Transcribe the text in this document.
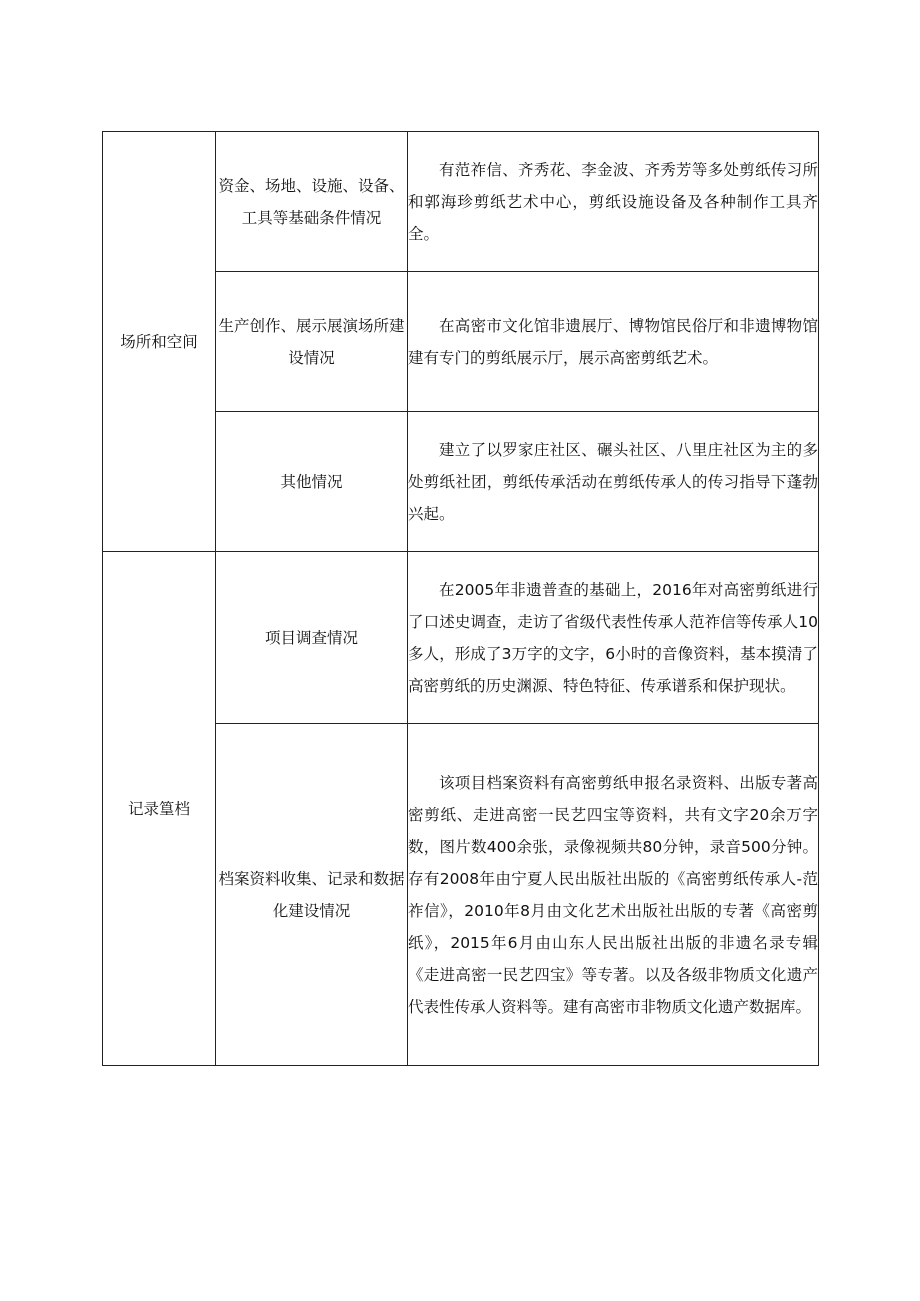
场所和空间	资金、场地、设施、设备、工具等基础条件情况	有范祚信、齐秀花、李金波、齐秀芳等多处剪纸传习所和郭海珍剪纸艺术中心，剪纸设施设备及各种制作工具齐全。

	生产创作、展示展演场所建设情况	在高密市文化馆非遗展厅、博物馆民俗厅和非遗博物馆建有专门的剪纸展示厅，展示高密剪纸艺术。

	其他情况	建立了以罗家庄社区、碾头社区、八里庄社区为主的多处剪纸社团，剪纸传承活动在剪纸传承人的传习指导下蓬勃兴起。

记录篁档	项目调查情况	在2005年非遗普查的基础上，2016年对高密剪纸进行了口述史调查，走访了省级代表性传承人范祚信等传承人10多人，形成了3万字的文字，6小时的音像资料，基本摸清了高密剪纸的历史渊源、特色特征、传承谱系和保护现状。

	档案资料收集、记录和数据化建设情况	该项目档案资料有高密剪纸申报名录资料、出版专著高密剪纸、走进高密一民艺四宝等资料，共有文字20余万字数，图片数400余张，录像视频共80分钟，录音500分钟。存有2008年由宁夏人民出版社出版的《高密剪纸传承人-范祚信》，2010年8月由文化艺术出版社出版的专著《高密剪纸》，2015年6月由山东人民出版社出版的非遗名录专辑《走进高密一民艺四宝》等专著。以及各级非物质文化遗产代表性传承人资料等。建有高密市非物质文化遗产数据库。
